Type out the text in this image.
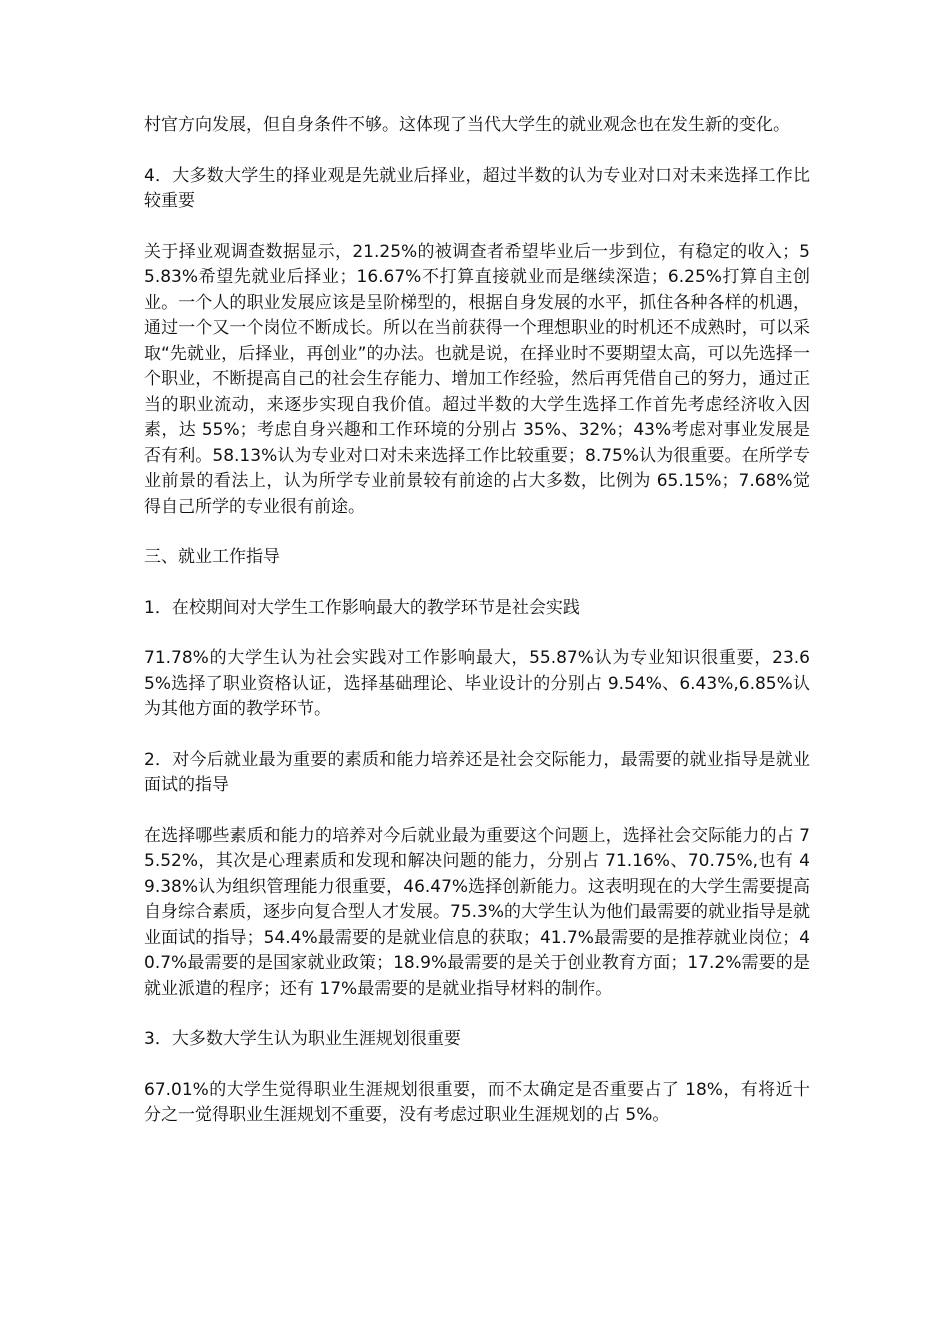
村官方向发展，但自身条件不够。这体现了当代大学生的就业观念也在发生新的变化。

4．大多数大学生的择业观是先就业后择业，超过半数的认为专业对口对未来选择工作比较重要

关于择业观调查数据显示，21.25%的被调查者希望毕业后一步到位，有稳定的收入；55.83%希望先就业后择业；16.67%不打算直接就业而是继续深造；6.25%打算自主创业。一个人的职业发展应该是呈阶梯型的，根据自身发展的水平，抓住各种各样的机遇，通过一个又一个岗位不断成长。所以在当前获得一个理想职业的时机还不成熟时，可以采取“先就业，后择业，再创业”的办法。也就是说，在择业时不要期望太高，可以先选择一个职业，不断提高自己的社会生存能力、增加工作经验，然后再凭借自己的努力，通过正当的职业流动，来逐步实现自我价值。超过半数的大学生选择工作首先考虑经济收入因素，达 55%；考虑自身兴趣和工作环境的分别占 35%、32%；43%考虑对事业发展是否有利。58.13%认为专业对口对未来选择工作比较重要；8.75%认为很重要。在所学专业前景的看法上，认为所学专业前景较有前途的占大多数，比例为 65.15%；7.68%觉得自己所学的专业很有前途。

三、就业工作指导

1．在校期间对大学生工作影响最大的教学环节是社会实践

71.78%的大学生认为社会实践对工作影响最大，55.87%认为专业知识很重要，23.65%选择了职业资格认证，选择基础理论、毕业设计的分别占 9.54%、6.43%,6.85%认为其他方面的教学环节。

2．对今后就业最为重要的素质和能力培养还是社会交际能力，最需要的就业指导是就业面试的指导

在选择哪些素质和能力的培养对今后就业最为重要这个问题上，选择社会交际能力的占 75.52%，其次是心理素质和发现和解决问题的能力，分别占 71.16%、70.75%,也有 49.38%认为组织管理能力很重要，46.47%选择创新能力。这表明现在的大学生需要提高自身综合素质，逐步向复合型人才发展。75.3%的大学生认为他们最需要的就业指导是就业面试的指导；54.4%最需要的是就业信息的获取；41.7%最需要的是推荐就业岗位；40.7%最需要的是国家就业政策；18.9%最需要的是关于创业教育方面；17.2%需要的是就业派遣的程序；还有 17%最需要的是就业指导材料的制作。

3．大多数大学生认为职业生涯规划很重要

67.01%的大学生觉得职业生涯规划很重要，而不太确定是否重要占了 18%，有将近十分之一觉得职业生涯规划不重要，没有考虑过职业生涯规划的占 5%。
